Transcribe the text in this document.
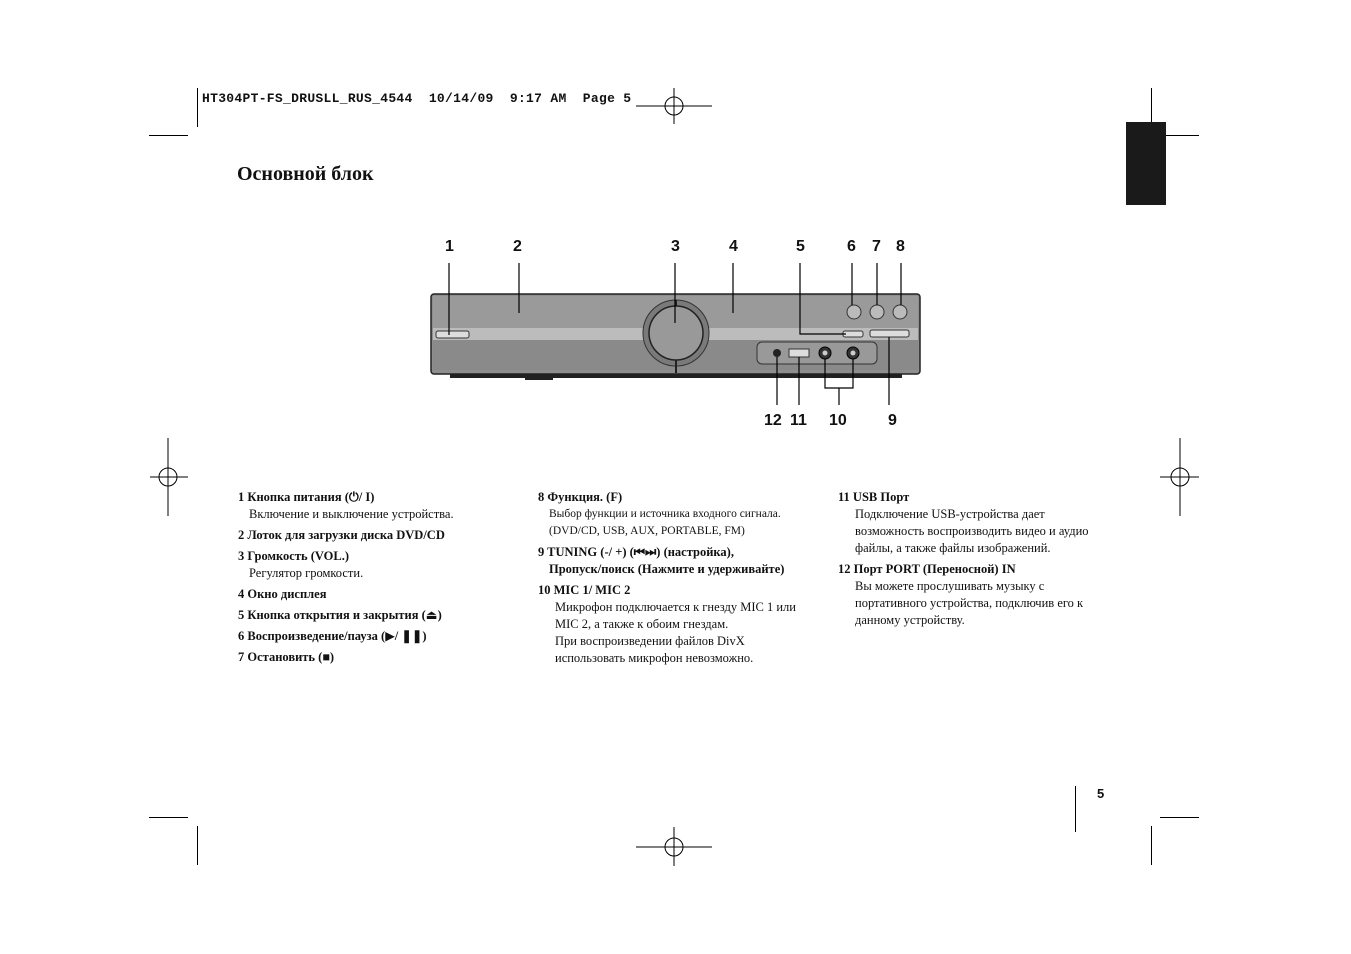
HT304PT-FS_DRUSLL_RUS_4544  10/14/09  9:17 AM  Page 5
Основной блок
1	2	3	4	5	6 7 8
12 11 10	9
1 Кнопка питания (⏻/ I)
Включение и выключение устройства.
2 Лоток для загрузки диска DVD/CD
3 Громкость (VOL.)
Регулятор громкости.
4 Окно дисплея
5 Кнопка открытия и закрытия (⏏)
6 Воспроизведение/пауза (▶/ ❚❚)
7 Остановить (■)
8 Функция. (F)
Выбор функции и источника входного сигнала.
(DVD/CD, USB, AUX, PORTABLE, FM)
9 TUNING (-/ +) (⏮⏭) (настройка),
Пропуск/поиск (Нажмите и удерживайте)
10 MIC 1/ MIC 2
Микрофон подключается к гнезду MIC 1 или
MIC 2, а также к обоим гнездам.
При воспроизведении файлов DivX
использовать микрофон невозможно.
11 USB Порт
Подключение USB-устройства дает
возможность воспроизводить видео и аудио
файлы, а также файлы изображений.
12 Порт PORT (Переносной) IN
Вы можете прослушивать музыку с
портативного устройства, подключив его к
данному устройству.
5
